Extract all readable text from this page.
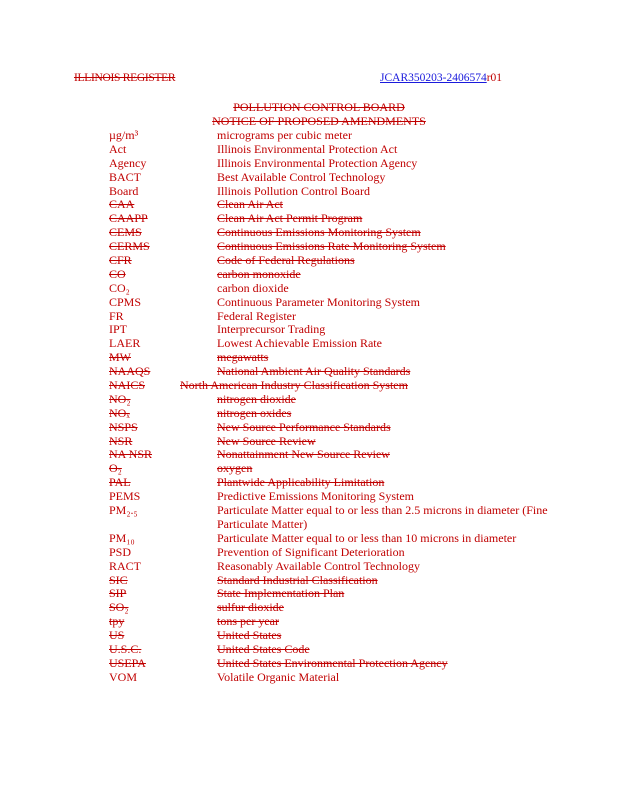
ILLINOIS REGISTER	JCAR350203-2406574r01
POLLUTION CONTROL BOARD
NOTICE OF PROPOSED AMENDMENTS
µg/m³	micrograms per cubic meter
Act	Illinois Environmental Protection Act
Agency	Illinois Environmental Protection Agency
BACT	Best Available Control Technology
Board	Illinois Pollution Control Board
CAA	Clean Air Act
CAAPP	Clean Air Act Permit Program
CEMS	Continuous Emissions Monitoring System
CERMS	Continuous Emissions Rate Monitoring System
CFR	Code of Federal Regulations
CO	carbon monoxide
CO₂	carbon dioxide
CPMS	Continuous Parameter Monitoring System
FR	Federal Register
IPT	Interprecursor Trading
LAER	Lowest Achievable Emission Rate
MW	megawatts
NAAQS	National Ambient Air Quality Standards
NAICS	North American Industry Classification System
NO₂	nitrogen dioxide
NOₓ	nitrogen oxides
NSPS	New Source Performance Standards
NSR	New Source Review
NA NSR	Nonattainment New Source Review
O₂	oxygen
PAL	Plantwide Applicability Limitation
PEMS	Predictive Emissions Monitoring System
PM₂.₅	Particulate Matter equal to or less than 2.5 microns in diameter (Fine Particulate Matter)
PM₁₀	Particulate Matter equal to or less than 10 microns in diameter
PSD	Prevention of Significant Deterioration
RACT	Reasonably Available Control Technology
SIC	Standard Industrial Classification
SIP	State Implementation Plan
SO₂	sulfur dioxide
tpy	tons per year
US	United States
U.S.C.	United States Code
USEPA	United States Environmental Protection Agency
VOM	Volatile Organic Material
